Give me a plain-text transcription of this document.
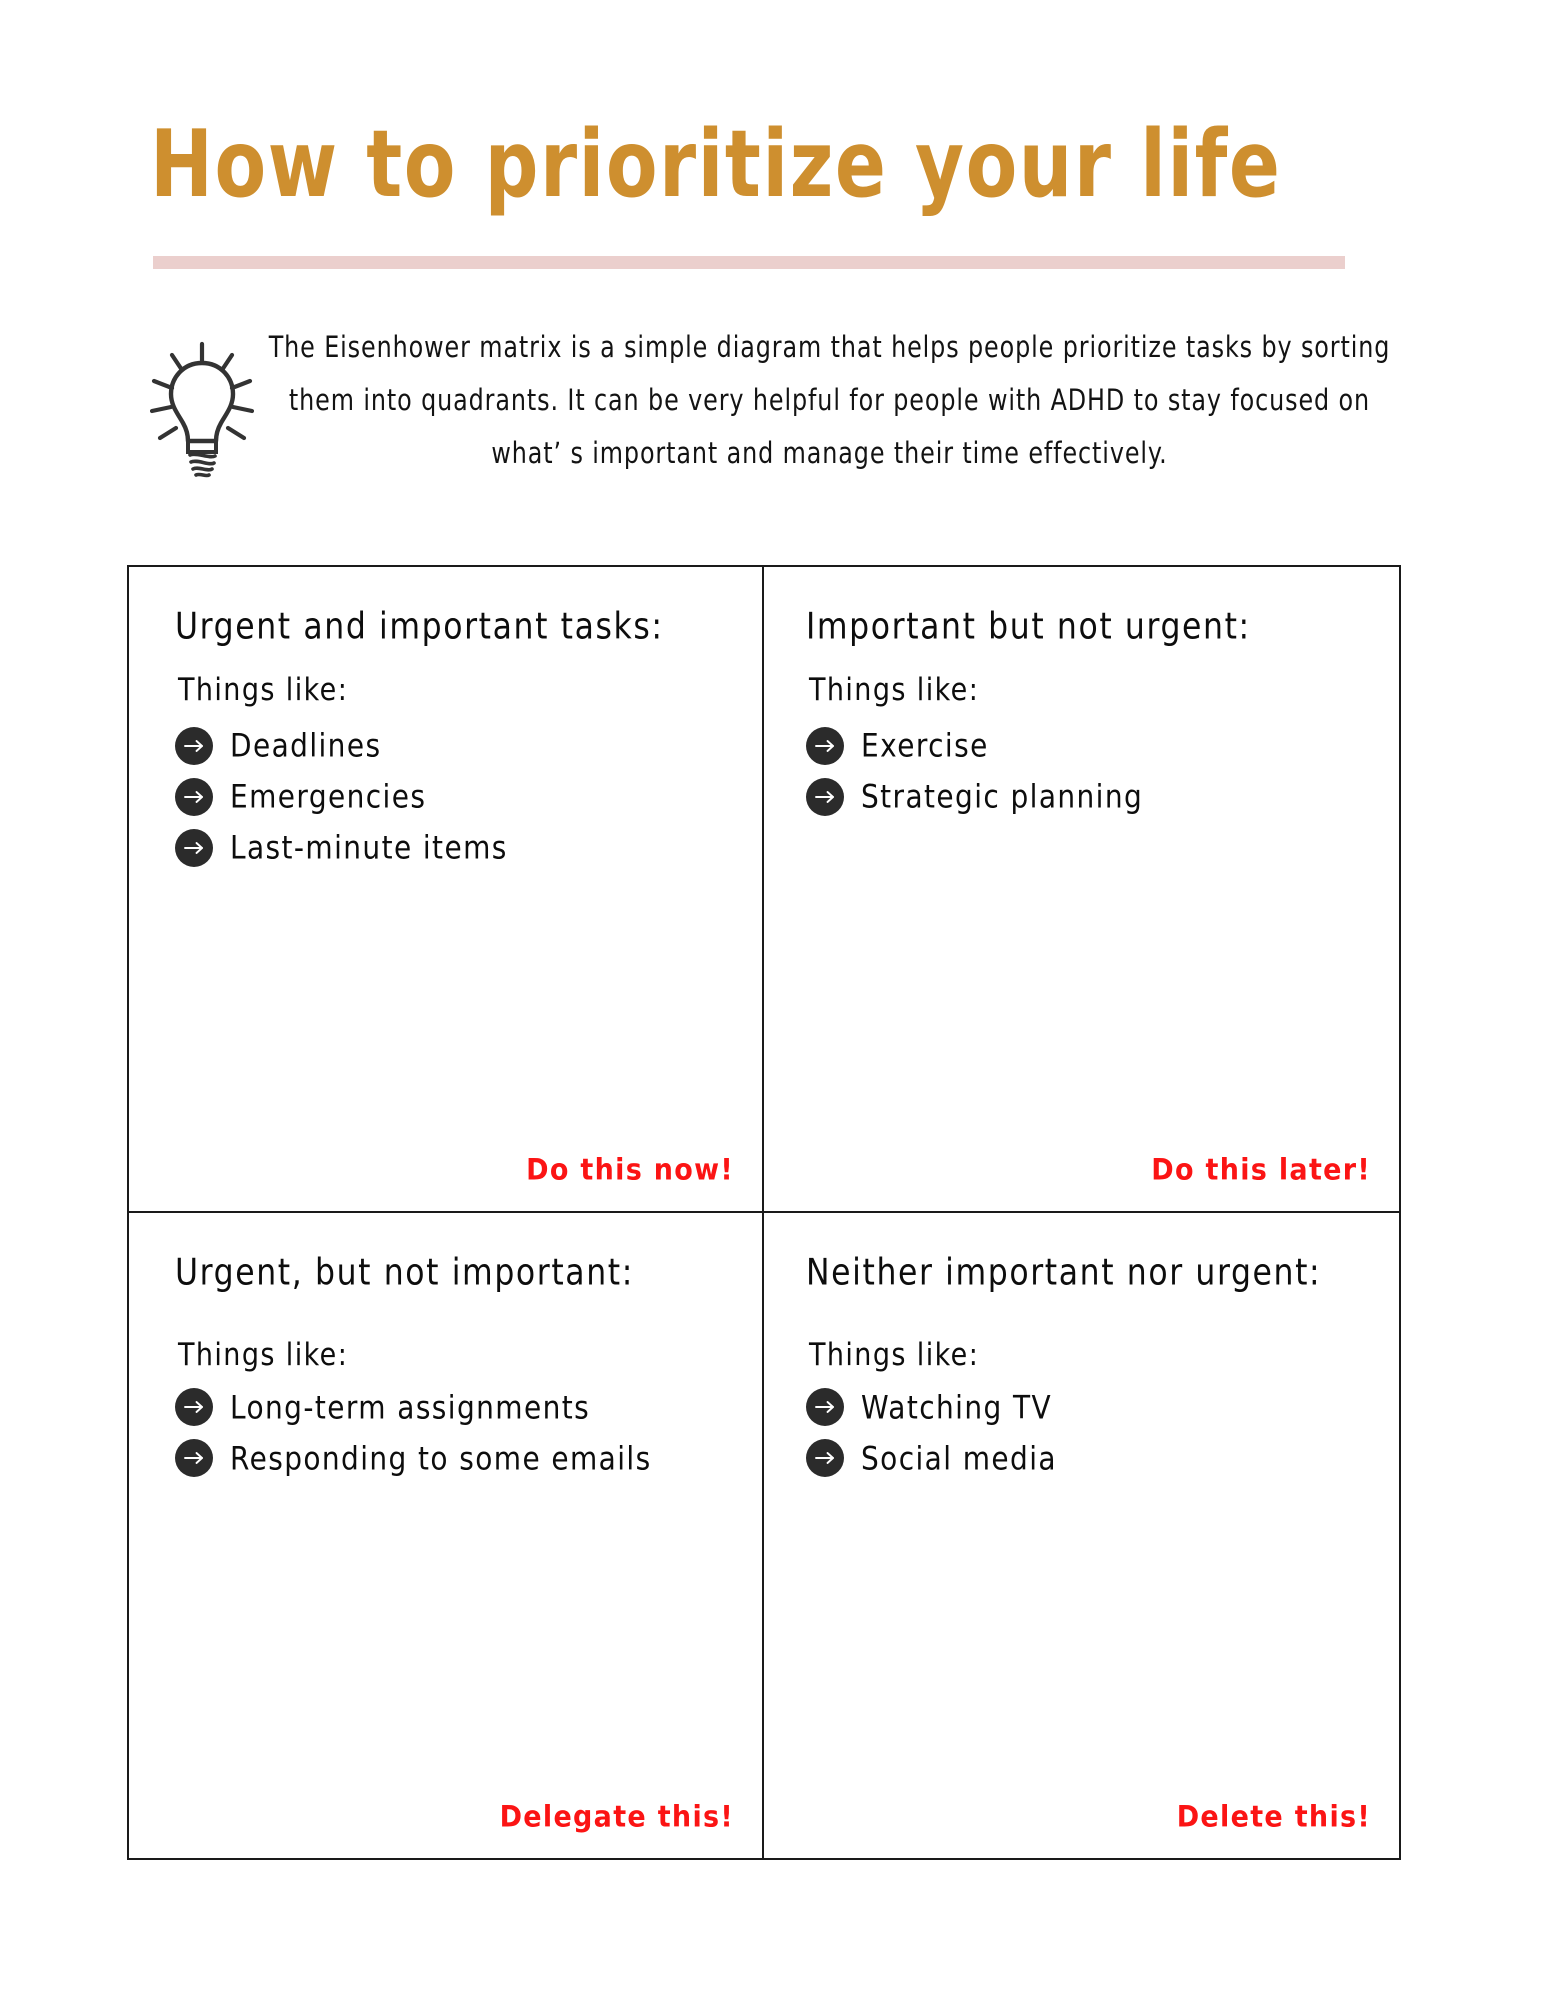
How to prioritize your life
The Eisenhower matrix is a simple diagram that helps people prioritize tasks by sorting them into quadrants. It can be very helpful for people with ADHD to stay focused on what’ s important and manage their time effectively.
Urgent and important tasks:
Things like:
Deadlines
Emergencies
Last-minute items
Do this now!
Important but not urgent:
Things like:
Exercise
Strategic planning
Do this later!
Urgent, but not important:
Things like:
Long-term assignments
Responding to some emails
Delegate this!
Neither important nor urgent:
Things like:
Watching TV
Social media
Delete this!
